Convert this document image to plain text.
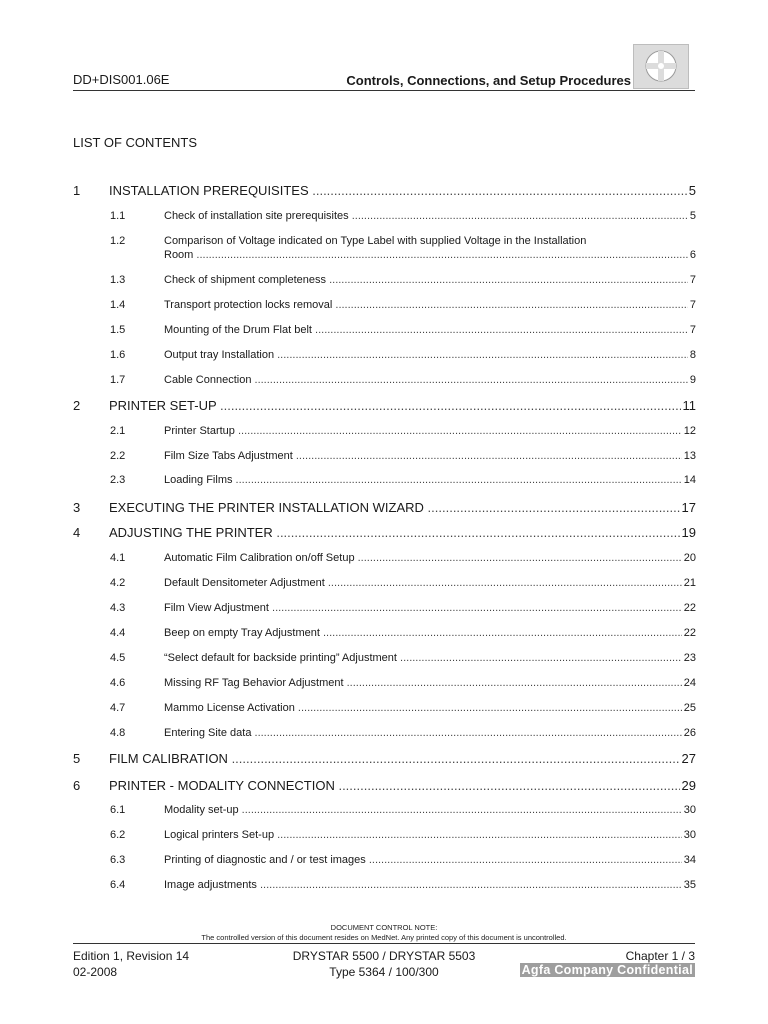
DD+DIS001.06E	Controls, Connections, and Setup Procedures
LIST OF CONTENTS
1 INSTALLATION PREREQUISITES .....	5
1.1	Check of installation site prerequisites .....	5
1.2	Comparison of Voltage indicated on Type Label with supplied Voltage in the Installation
Room .....	6
1.3	Check of shipment completeness .....	7
1.4	Transport protection locks removal .....	7
1.5	Mounting of the Drum Flat belt .....	7
1.6	Output tray Installation .....	8
1.7	Cable Connection .....	9
2 PRINTER SET-UP .....	11
2.1	Printer Startup .....	12
2.2	Film Size Tabs Adjustment .....	13
2.3	Loading Films .....	14
3 EXECUTING THE PRINTER INSTALLATION WIZARD .....	17
4 ADJUSTING THE PRINTER .....	19
4.1	Automatic Film Calibration on/off Setup .....	20
4.2	Default Densitometer Adjustment .....	21
4.3	Film View Adjustment .....	22
4.4	Beep on empty Tray Adjustment .....	22
4.5	“Select default for backside printing” Adjustment .....	23
4.6	Missing RF Tag Behavior Adjustment .....	24
4.7	Mammo License Activation .....	25
4.8	Entering Site data .....	26
5 FILM CALIBRATION .....	27
6 PRINTER - MODALITY CONNECTION .....	29
6.1	Modality set-up .....	30
6.2	Logical printers Set-up .....	30
6.3	Printing of diagnostic and / or test images .....	34
6.4	Image adjustments .....	35
DOCUMENT CONTROL NOTE:
The controlled version of this document resides on MedNet. Any printed copy of this document is uncontrolled.
Edition 1, Revision 14
02-2008
DRYSTAR 5500 / DRYSTAR 5503
Type 5364 / 100/300
Chapter 1 / 3
Agfa Company Confidential
